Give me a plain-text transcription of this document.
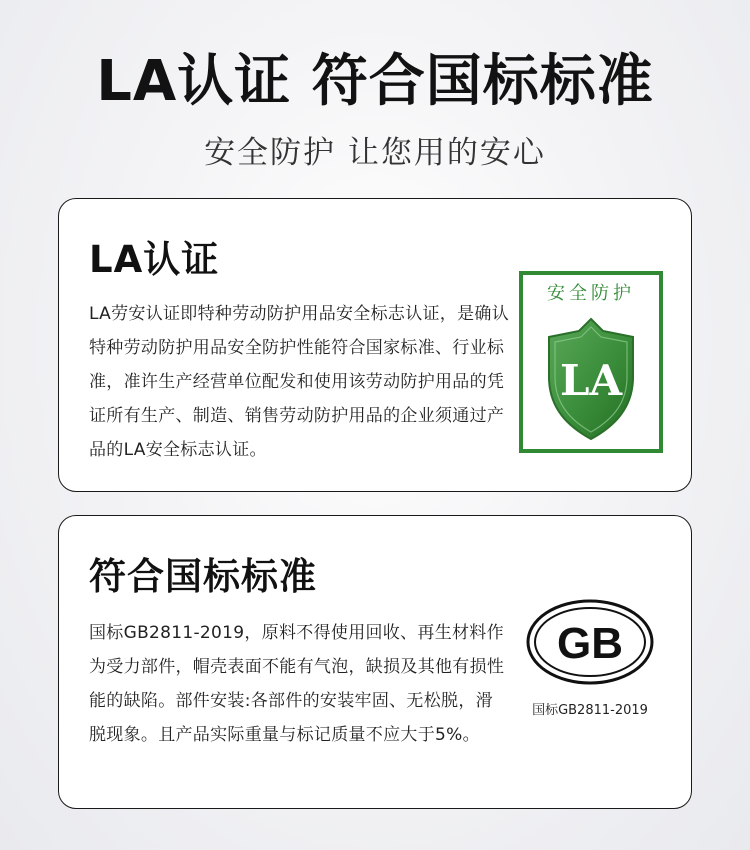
LA认证 符合国标标准
安全防护 让您用的安心
LA认证
LA劳安认证即特种劳动防护用品安全标志认证，是确认特种劳动防护用品安全防护性能符合国家标准、行业标准，准许生产经营单位配发和使用该劳动防护用品的凭证所有生产、制造、销售劳动防护用品的企业须通过产品的LA安全标志认证。
安全防护
LA
符合国标标准
国标GB2811-2019，原料不得使用回收、再生材料作为受力部件，帽壳表面不能有气泡，缺损及其他有损性能的缺陷。部件安装:各部件的安装牢固、无松脱，滑脱现象。且产品实际重量与标记质量不应大于5%。
GB
国标GB2811-2019
